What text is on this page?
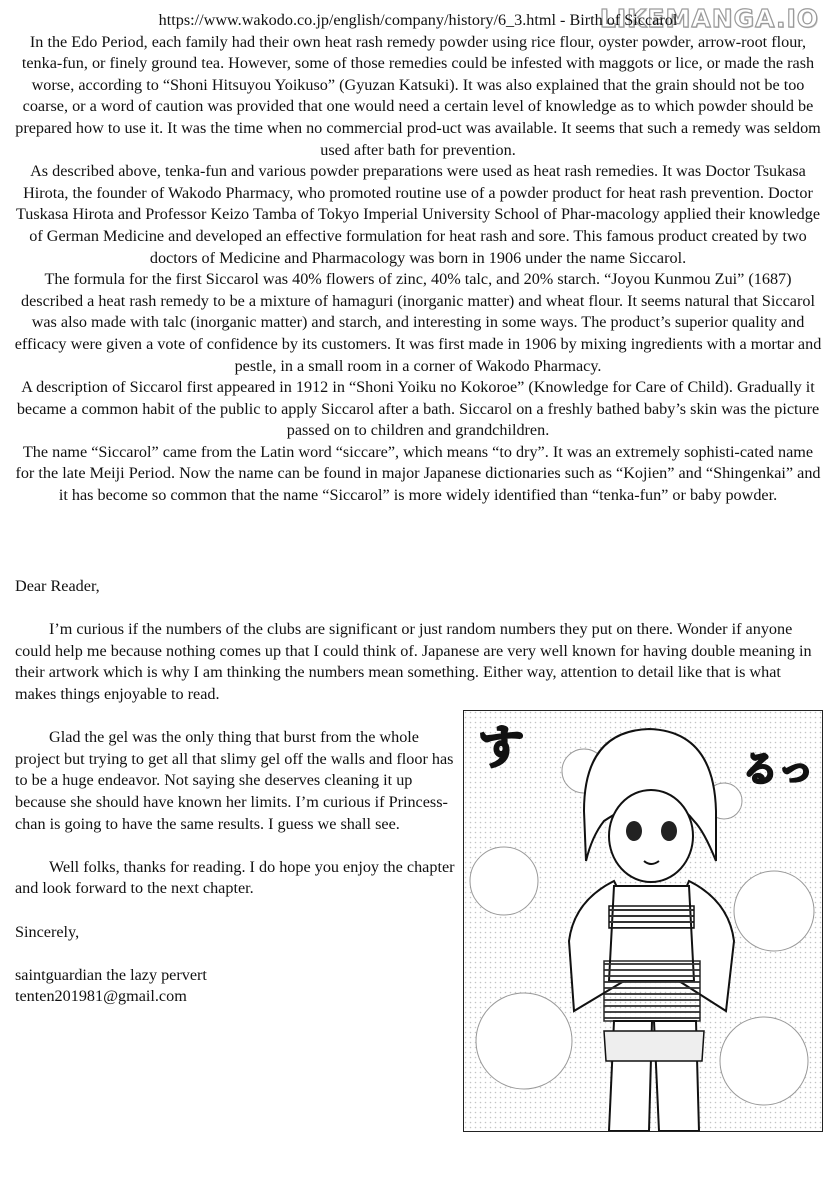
LIKEMANGA.IO

https://www.wakodo.co.jp/english/company/history/6_3.html - Birth of Siccarol

In the Edo Period, each family had their own heat rash remedy powder using rice flour, oyster powder, arrow-root flour, tenka-fun, or finely ground tea. However, some of those remedies could be infested with maggots or lice, or made the rash worse, according to “Shoni Hitsuyou Yoikuso” (Gyuzan Katsuki). It was also explained that the grain should not be too coarse, or a word of caution was provided that one would need a certain level of knowledge as to which powder should be prepared how to use it. It was the time when no commercial prod-uct was available. It seems that such a remedy was seldom used after bath for prevention.

As described above, tenka-fun and various powder preparations were used as heat rash remedies. It was Doctor Tsukasa Hirota, the founder of Wakodo Pharmacy, who promoted routine use of a powder product for heat rash prevention. Doctor Tuskasa Hirota and Professor Keizo Tamba of Tokyo Imperial University School of Phar-macology applied their knowledge of German Medicine and developed an effective formulation for heat rash and sore. This famous product created by two doctors of Medicine and Pharmacology was born in 1906 under the name Siccarol.

The formula for the first Siccarol was 40% flowers of zinc, 40% talc, and 20% starch. “Joyou Kunmou Zui” (1687) described a heat rash remedy to be a mixture of hamaguri (inorganic matter) and wheat flour. It seems natural that Siccarol was also made with talc (inorganic matter) and starch, and interesting in some ways. The product’s superior quality and efficacy were given a vote of confidence by its customers. It was first made in 1906 by mixing ingredients with a mortar and pestle, in a small room in a corner of Wakodo Pharmacy.

A description of Siccarol first appeared in 1912 in “Shoni Yoiku no Kokoroe” (Knowledge for Care of Child). Gradually it became a common habit of the public to apply Siccarol after a bath. Siccarol on a freshly bathed baby’s skin was the picture passed on to children and grandchildren.

The name “Siccarol” came from the Latin word “siccare”, which means “to dry”. It was an extremely sophisti-cated name for the late Meiji Period. Now the name can be found in major Japanese dictionaries such as “Kojien” and “Shingenkai” and it has become so common that the name “Siccarol” is more widely identified than “tenka-fun” or baby powder.

Dear Reader,

I’m curious if the numbers of the clubs are significant or just random numbers they put on there. Wonder if anyone could help me because nothing comes up that I could think of. Japanese are very well known for having double meaning in their artwork which is why I am thinking the numbers mean something. Either way, attention to detail like that is what makes things enjoyable to read.

Glad the gel was the only thing that burst from the whole project but trying to get all that slimy gel off the walls and floor has to be a huge endeavor. Not saying she deserves cleaning it up because she should have known her limits. I’m curious if Princess-chan is going to have the same results. I guess we shall see.

Well folks, thanks for reading. I do hope you enjoy the chapter and look forward to the next chapter.

Sincerely,

saintguardian the lazy pervert

tenten201981@gmail.com

す	るっ
